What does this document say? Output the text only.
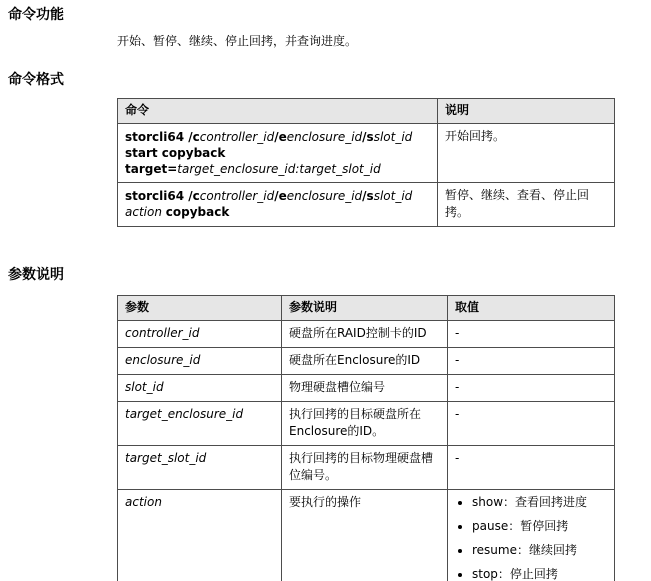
命令功能

开始、暂停、继续、停止回拷，并查询进度。

命令格式
命令	说明
storcli64 /ccontroller_id/eenclosure_id/sslot_id
start copyback
target=target_enclosure_id:target_slot_id	开始回拷。
storcli64 /ccontroller_id/eenclosure_id/sslot_id
action copyback	暂停、继续、查看、停止回拷。
参数说明
参数	参数说明	取值
controller_id	硬盘所在RAID控制卡的ID	-
enclosure_id	硬盘所在Enclosure的ID	-
slot_id	物理硬盘槽位编号	-
target_enclosure_id	执行回拷的目标硬盘所在Enclosure的ID。	-
target_slot_id	执行回拷的目标物理硬盘槽位编号。	-
action	要执行的操作	
•show：查看回拷进度
• pause：暂停回拷
• resume：继续回拷
• stop：停止回拷
